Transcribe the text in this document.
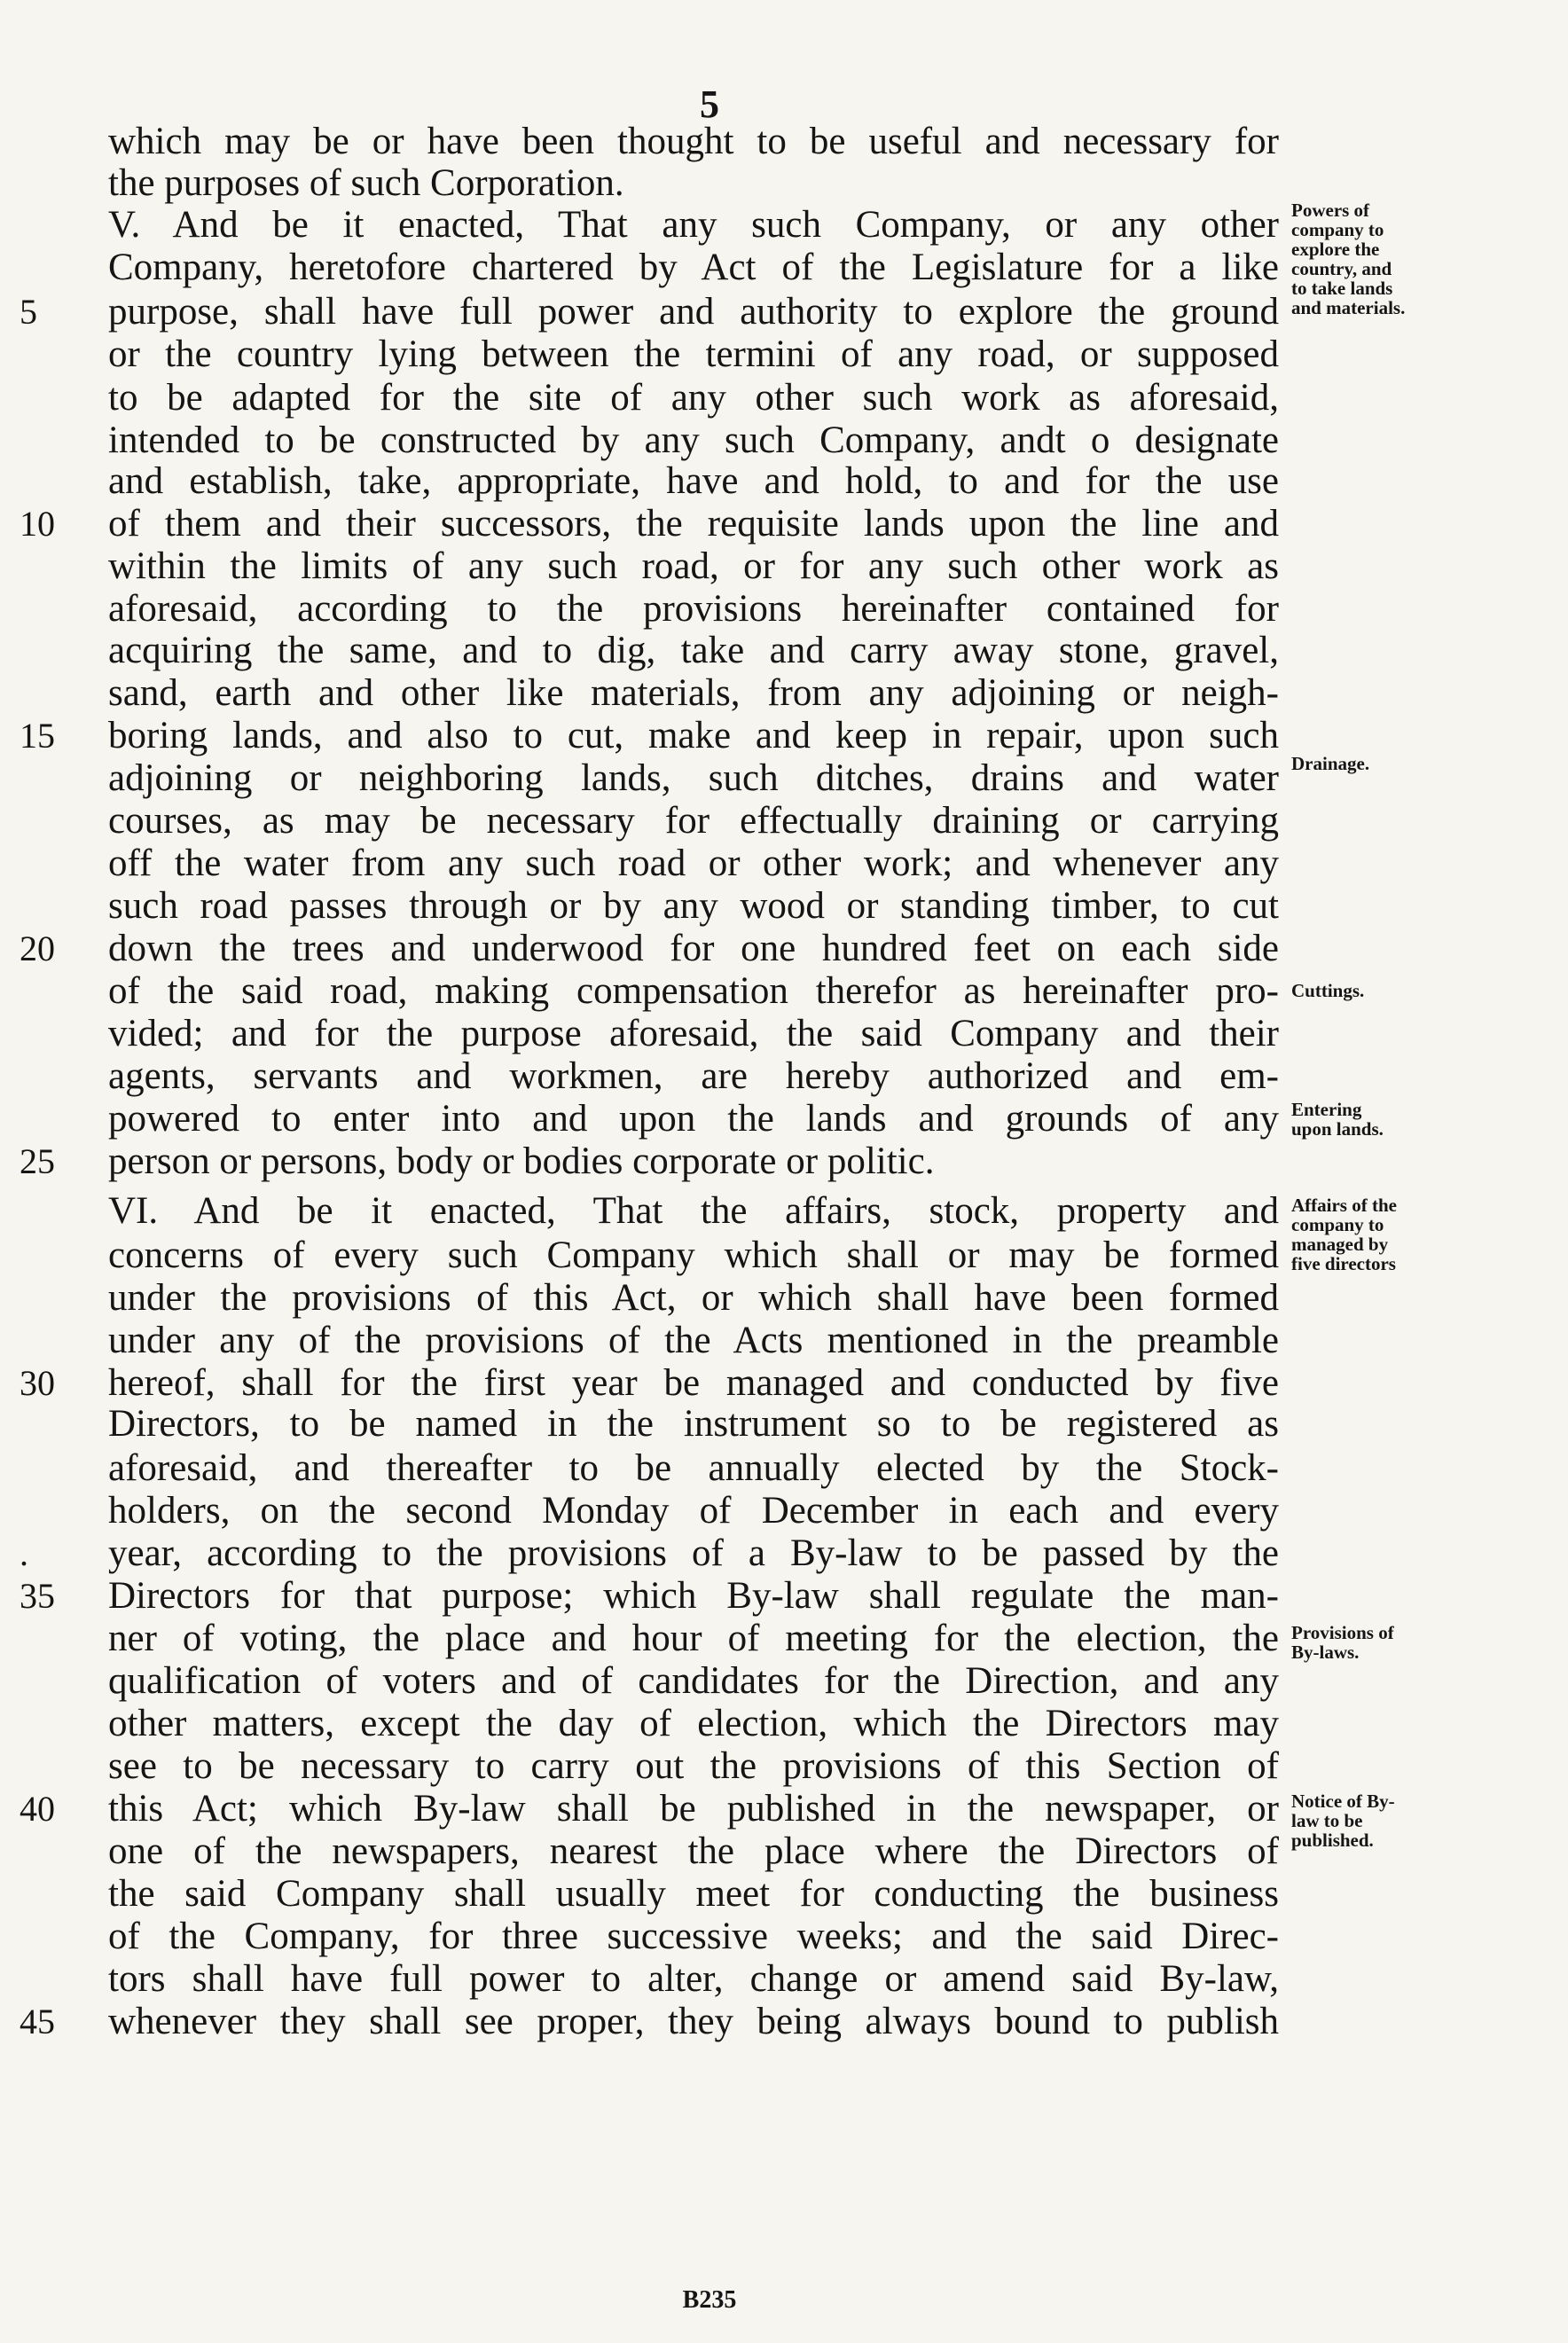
5
which may be or have been thought to be useful and necessary for
the purposes of such Corporation.
V. And be it enacted, That any such Company, or any other
Company, heretofore chartered by Act of the Legislature for a like
purpose, shall have full power and authority to explore the ground
or the country lying between the termini of any road, or supposed
to be adapted for the site of any other such work as aforesaid,
intended to be constructed by any such Company, andt o designate
and establish, take, appropriate, have and hold, to and for the use
of them and their successors, the requisite lands upon the line and
within the limits of any such road, or for any such other work as
aforesaid, according to the provisions hereinafter contained for
acquiring the same, and to dig, take and carry away stone, gravel,
sand, earth and other like materials, from any adjoining or neigh-
boring lands, and also to cut, make and keep in repair, upon such
adjoining or neighboring lands, such ditches, drains and water
courses, as may be necessary for effectually draining or carrying
off the water from any such road or other work; and whenever any
such road passes through or by any wood or standing timber, to cut
down the trees and underwood for one hundred feet on each side
of the said road, making compensation therefor as hereinafter pro-
vided; and for the purpose aforesaid, the said Company and their
agents, servants and workmen, are hereby authorized and em-
powered to enter into and upon the lands and grounds of any
person or persons, body or bodies corporate or politic.
VI. And be it enacted, That the affairs, stock, property and
concerns of every such Company which shall or may be formed
under the provisions of this Act, or which shall have been formed
under any of the provisions of the Acts mentioned in the preamble
hereof, shall for the first year be managed and conducted by five
Directors, to be named in the instrument so to be registered as
aforesaid, and thereafter to be annually elected by the Stock-
holders, on the second Monday of December in each and every
year, according to the provisions of a By-law to be passed by the
Directors for that purpose; which By-law shall regulate the man-
ner of voting, the place and hour of meeting for the election, the
qualification of voters and of candidates for the Direction, and any
other matters, except the day of election, which the Directors may
see to be necessary to carry out the provisions of this Section of
this Act; which By-law shall be published in the newspaper, or
one of the newspapers, nearest the place where the Directors of
the said Company shall usually meet for conducting the business
of the Company, for three successive weeks; and the said Direc-
tors shall have full power to alter, change or amend said By-law,
whenever they shall see proper, they being always bound to publish
5
10
15
20
25
30
.
35
40
45
Powers of
company to
explore the
country, and
to take lands
and materials.
Drainage.
Cuttings.
Entering
upon lands.
Affairs of the
company to
managed by
five directors
Provisions of
By-laws.
Notice of By-
law to be
published.
B235
